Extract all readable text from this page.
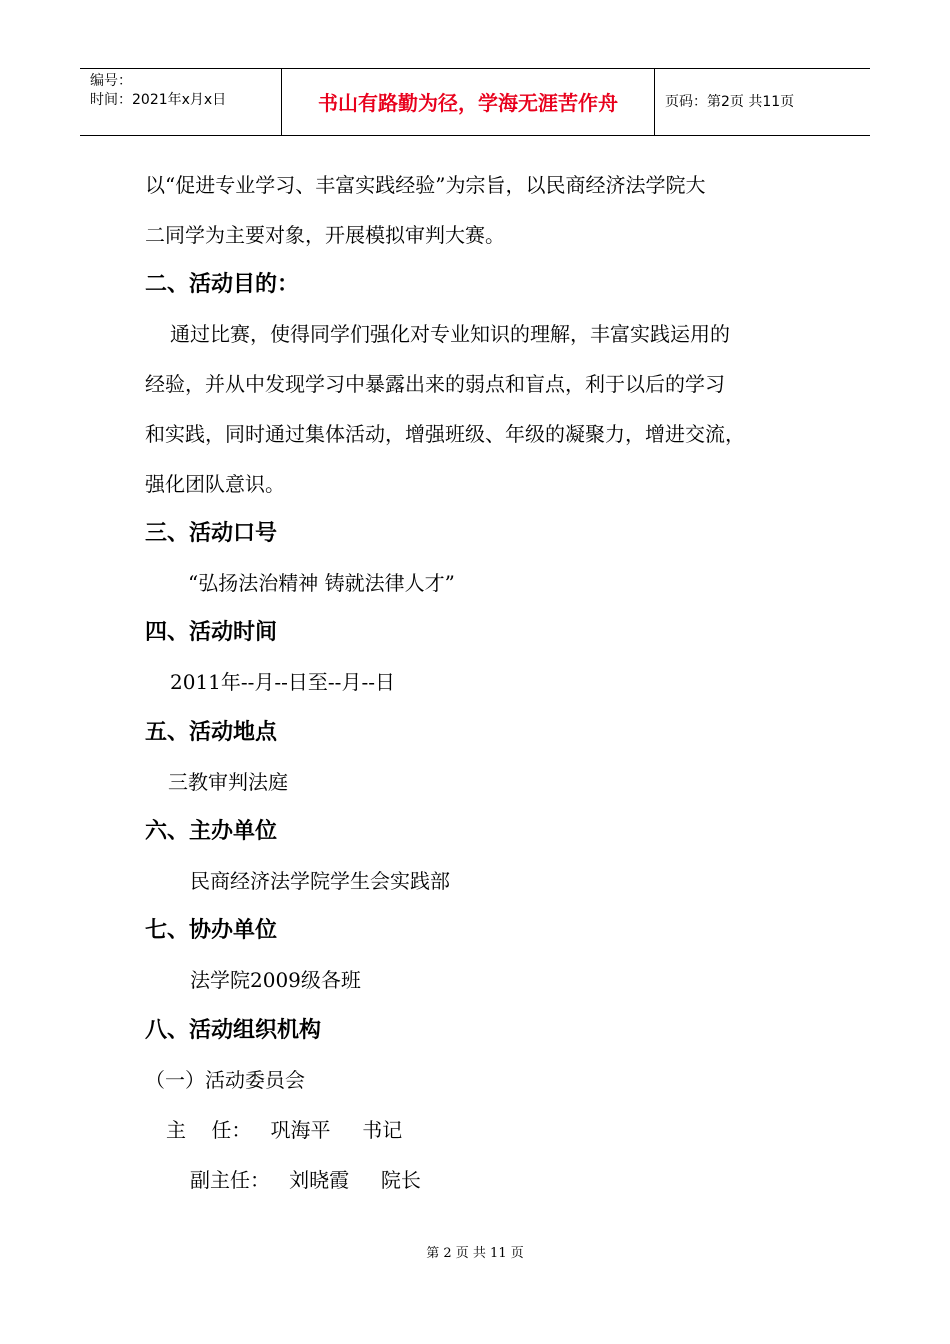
编号：
时间：2021年x月x日	书山有路勤为径，学海无涯苦作舟	页码：第2页 共11页
以“促进专业学习、丰富实践经验”为宗旨，以民商经济法学院大
二同学为主要对象，开展模拟审判大赛。
二、活动目的：
通过比赛，使得同学们强化对专业知识的理解，丰富实践运用的
经验，并从中发现学习中暴露出来的弱点和盲点，利于以后的学习
和实践，同时通过集体活动，增强班级、年级的凝聚力，增进交流，
强化团队意识。
三、活动口号
“弘扬法治精神 铸就法律人才”
四、活动时间
2011年--月--日至--月--日
五、活动地点
三教审判法庭
六、主办单位
民商经济法学院学生会实践部
七、协办单位
法学院2009级各班
八、活动组织机构
（一）活动委员会
主    任：   巩海平     书记
副主任：   刘晓霞     院长
第 2 页 共 11 页
